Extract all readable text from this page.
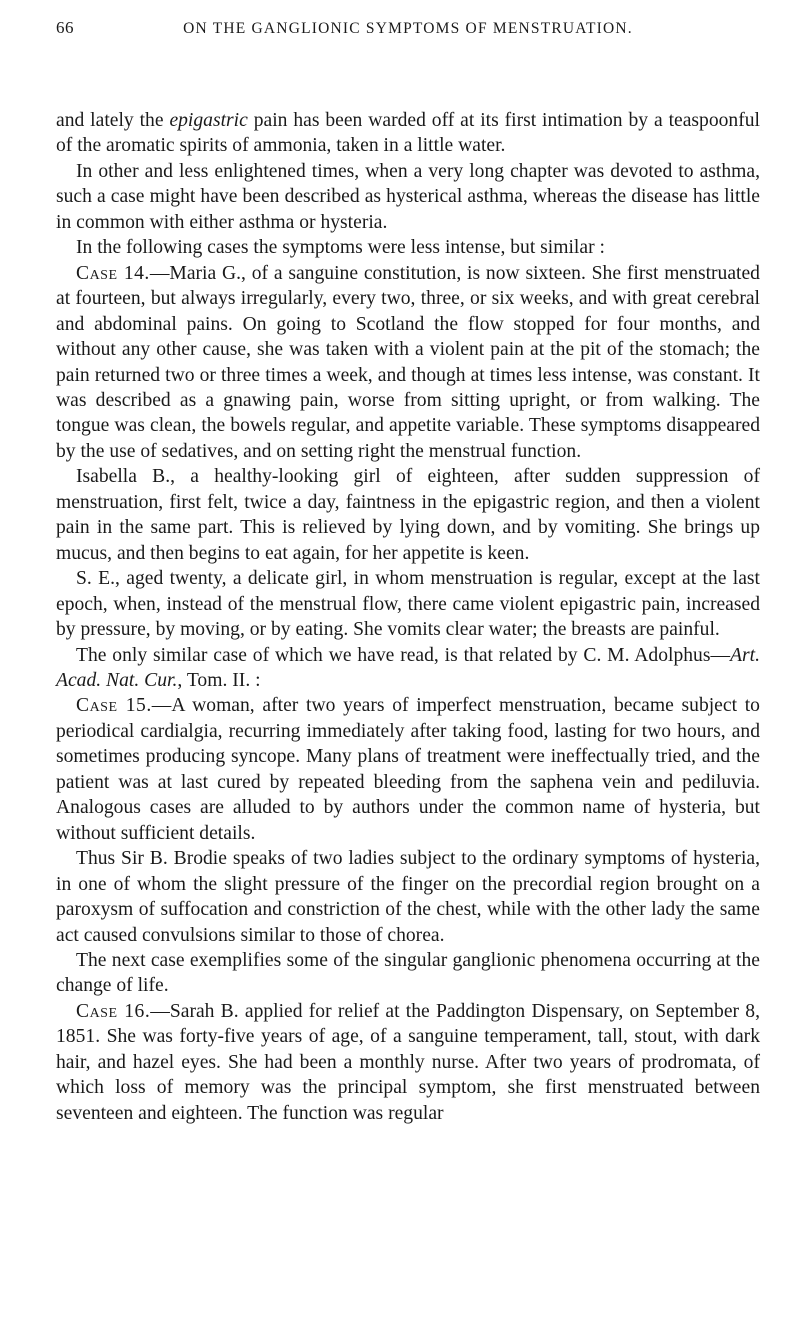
66	ON THE GANGLIONIC SYMPTOMS OF MENSTRUATION.

and lately the epigastric pain has been warded off at its first intimation by a teaspoonful of the aromatic spirits of ammonia, taken in a little water.

In other and less enlightened times, when a very long chapter was devoted to asthma, such a case might have been described as hysterical asthma, whereas the disease has little in common with either asthma or hysteria.

In the following cases the symptoms were less intense, but similar :

Case 14.—Maria G., of a sanguine constitution, is now sixteen. She first menstruated at fourteen, but always irregularly, every two, three, or six weeks, and with great cerebral and abdominal pains. On going to Scotland the flow stopped for four months, and without any other cause, she was taken with a violent pain at the pit of the stomach; the pain returned two or three times a week, and though at times less intense, was constant. It was described as a gnawing pain, worse from sitting upright, or from walking. The tongue was clean, the bowels regular, and appetite variable. These symptoms disappeared by the use of sedatives, and on setting right the menstrual function.

Isabella B., a healthy-looking girl of eighteen, after sudden suppression of menstruation, first felt, twice a day, faintness in the epigastric region, and then a violent pain in the same part. This is relieved by lying down, and by vomiting. She brings up mucus, and then begins to eat again, for her appetite is keen.

S. E., aged twenty, a delicate girl, in whom menstruation is regular, except at the last epoch, when, instead of the menstrual flow, there came violent epigastric pain, increased by pressure, by moving, or by eating. She vomits clear water; the breasts are painful.

The only similar case of which we have read, is that related by C. M. Adolphus—Art. Acad. Nat. Cur., Tom. II. :

Case 15.—A woman, after two years of imperfect menstruation, became subject to periodical cardialgia, recurring immediately after taking food, lasting for two hours, and sometimes producing syncope. Many plans of treatment were ineffectually tried, and the patient was at last cured by repeated bleeding from the saphena vein and pediluvia. Analogous cases are alluded to by authors under the common name of hysteria, but without sufficient details.

Thus Sir B. Brodie speaks of two ladies subject to the ordinary symptoms of hysteria, in one of whom the slight pressure of the finger on the precordial region brought on a paroxysm of suffocation and constriction of the chest, while with the other lady the same act caused convulsions similar to those of chorea.

The next case exemplifies some of the singular ganglionic phenomena occurring at the change of life.

Case 16.—Sarah B. applied for relief at the Paddington Dispensary, on September 8, 1851. She was forty-five years of age, of a sanguine temperament, tall, stout, with dark hair, and hazel eyes. She had been a monthly nurse. After two years of prodromata, of which loss of memory was the principal symptom, she first menstruated between seventeen and eighteen. The function was regular
